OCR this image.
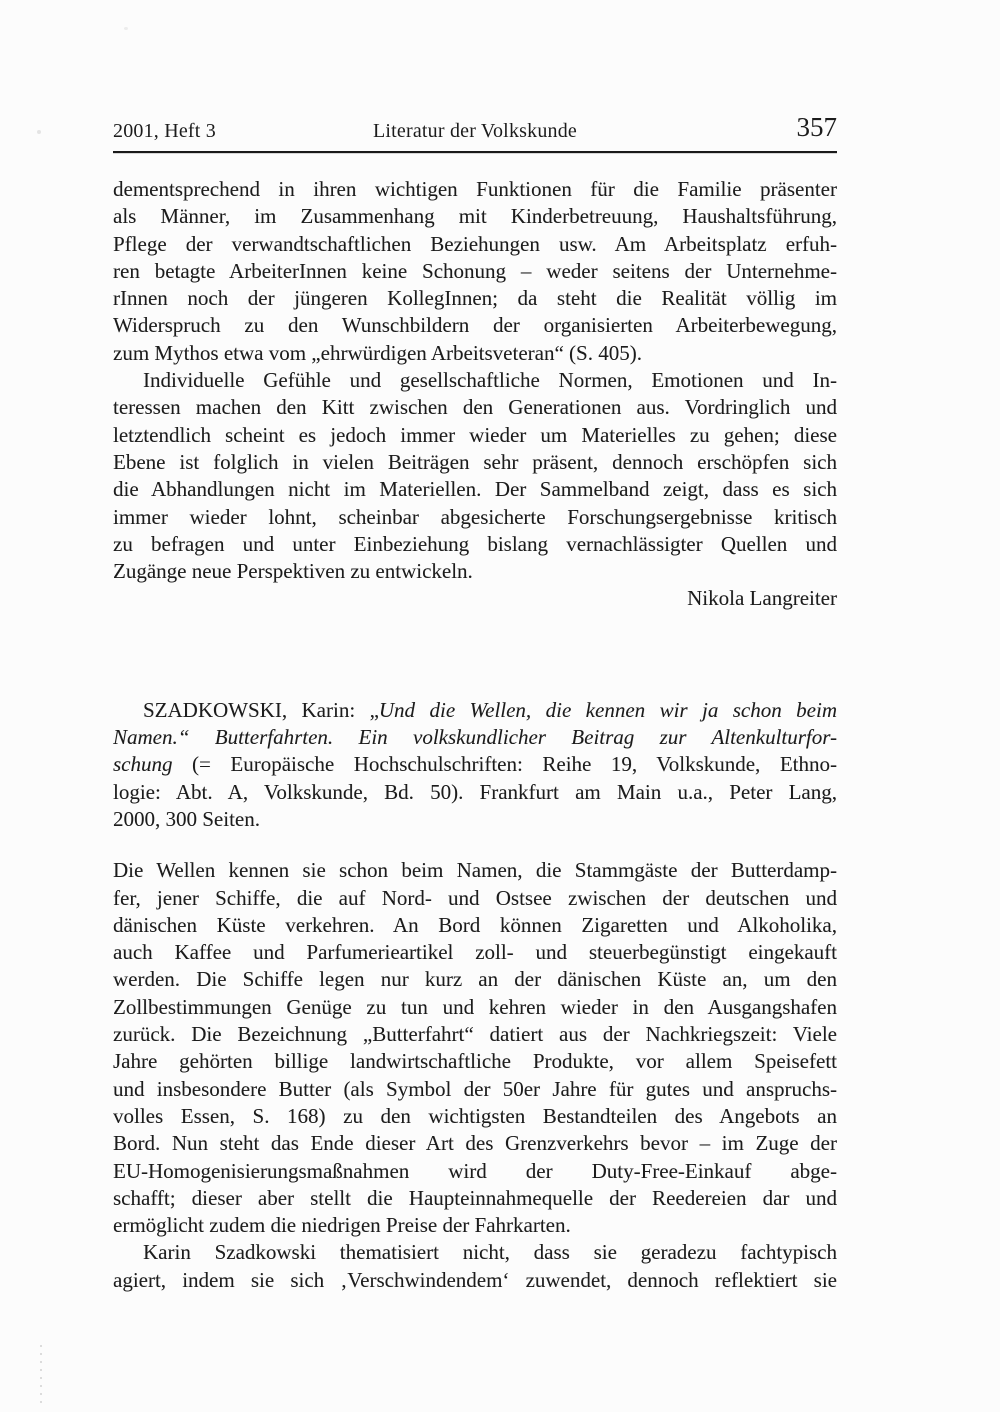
2001, Heft 3	Literatur der Volkskunde	357
dementsprechend in ihren wichtigen Funktionen für die Familie präsenter
als Männer, im Zusammenhang mit Kinderbetreuung, Haushaltsführung,
Pflege der verwandtschaftlichen Beziehungen usw. Am Arbeitsplatz erfuh-
ren betagte ArbeiterInnen keine Schonung – weder seitens der Unternehme-
rInnen noch der jüngeren KollegInnen; da steht die Realität völlig im
Widerspruch zu den Wunschbildern der organisierten Arbeiterbewegung,
zum Mythos etwa vom „ehrwürdigen Arbeitsveteran“ (S. 405).
Individuelle Gefühle und gesellschaftliche Normen, Emotionen und In-
teressen machen den Kitt zwischen den Generationen aus. Vordringlich und
letztendlich scheint es jedoch immer wieder um Materielles zu gehen; diese
Ebene ist folglich in vielen Beiträgen sehr präsent, dennoch erschöpfen sich
die Abhandlungen nicht im Materiellen. Der Sammelband zeigt, dass es sich
immer wieder lohnt, scheinbar abgesicherte Forschungsergebnisse kritisch
zu befragen und unter Einbeziehung bislang vernachlässigter Quellen und
Zugänge neue Perspektiven zu entwickeln.
Nikola Langreiter
SZADKOWSKI, Karin: „Und die Wellen, die kennen wir ja schon beim
Namen.“ Butterfahrten. Ein volkskundlicher Beitrag zur Altenkulturfor-
schung (= Europäische Hochschulschriften: Reihe 19, Volkskunde, Ethno-
logie: Abt. A, Volkskunde, Bd. 50). Frankfurt am Main u.a., Peter Lang,
2000, 300 Seiten.
Die Wellen kennen sie schon beim Namen, die Stammgäste der Butterdamp-
fer, jener Schiffe, die auf Nord- und Ostsee zwischen der deutschen und
dänischen Küste verkehren. An Bord können Zigaretten und Alkoholika,
auch Kaffee und Parfumerieartikel zoll- und steuerbegünstigt eingekauft
werden. Die Schiffe legen nur kurz an der dänischen Küste an, um den
Zollbestimmungen Genüge zu tun und kehren wieder in den Ausgangshafen
zurück. Die Bezeichnung „Butterfahrt“ datiert aus der Nachkriegszeit: Viele
Jahre gehörten billige landwirtschaftliche Produkte, vor allem Speisefett
und insbesondere Butter (als Symbol der 50er Jahre für gutes und anspruchs-
volles Essen, S. 168) zu den wichtigsten Bestandteilen des Angebots an
Bord. Nun steht das Ende dieser Art des Grenzverkehrs bevor – im Zuge der
EU-Homogenisierungsmaßnahmen wird der Duty-Free-Einkauf abge-
schafft; dieser aber stellt die Haupteinnahmequelle der Reedereien dar und
ermöglicht zudem die niedrigen Preise der Fahrkarten.
Karin Szadkowski thematisiert nicht, dass sie geradezu fachtypisch
agiert, indem sie sich ‚Verschwindendem‘ zuwendet, dennoch reflektiert sie
